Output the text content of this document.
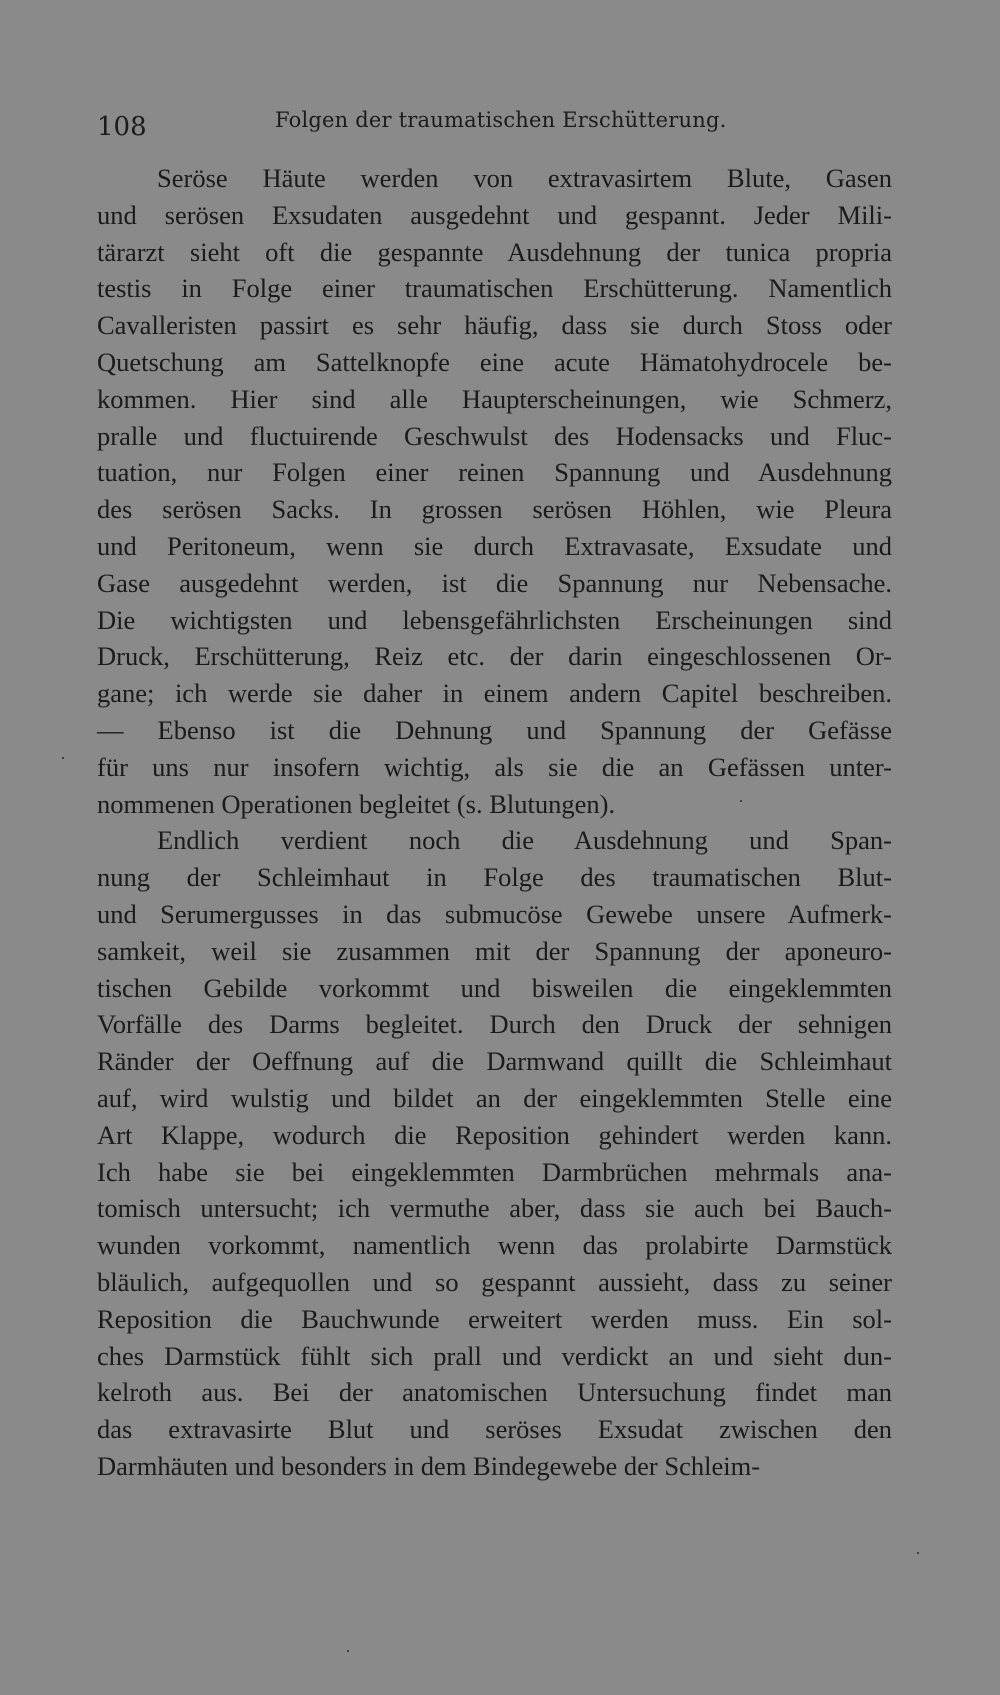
108	Folgen der traumatischen Erschütterung.
Seröse Häute werden von extravasirtem Blute, Gasen
und serösen Exsudaten ausgedehnt und gespannt. Jeder Mili-
tärarzt sieht oft die gespannte Ausdehnung der tunica propria
testis in Folge einer traumatischen Erschütterung. Namentlich
Cavalleristen passirt es sehr häufig, dass sie durch Stoss oder
Quetschung am Sattelknopfe eine acute Hämatohydrocele be-
kommen. Hier sind alle Haupterscheinungen, wie Schmerz,
pralle und fluctuirende Geschwulst des Hodensacks und Fluc-
tuation, nur Folgen einer reinen Spannung und Ausdehnung
des serösen Sacks. In grossen serösen Höhlen, wie Pleura
und Peritoneum, wenn sie durch Extravasate, Exsudate und
Gase ausgedehnt werden, ist die Spannung nur Nebensache.
Die wichtigsten und lebensgefährlichsten Erscheinungen sind
Druck, Erschütterung, Reiz etc. der darin eingeschlossenen Or-
gane; ich werde sie daher in einem andern Capitel beschreiben.
— Ebenso ist die Dehnung und Spannung der Gefässe
für uns nur insofern wichtig, als sie die an Gefässen unter-
nommenen Operationen begleitet (s. Blutungen).
Endlich verdient noch die Ausdehnung und Span-
nung der Schleimhaut in Folge des traumatischen Blut-
und Serumergusses in das submucöse Gewebe unsere Aufmerk-
samkeit, weil sie zusammen mit der Spannung der aponeuro-
tischen Gebilde vorkommt und bisweilen die eingeklemmten
Vorfälle des Darms begleitet. Durch den Druck der sehnigen
Ränder der Oeffnung auf die Darmwand quillt die Schleimhaut
auf, wird wulstig und bildet an der eingeklemmten Stelle eine
Art Klappe, wodurch die Reposition gehindert werden kann.
Ich habe sie bei eingeklemmten Darmbrüchen mehrmals ana-
tomisch untersucht; ich vermuthe aber, dass sie auch bei Bauch-
wunden vorkommt, namentlich wenn das prolabirte Darmstück
bläulich, aufgequollen und so gespannt aussieht, dass zu seiner
Reposition die Bauchwunde erweitert werden muss. Ein sol-
ches Darmstück fühlt sich prall und verdickt an und sieht dun-
kelroth aus. Bei der anatomischen Untersuchung findet man
das extravasirte Blut und seröses Exsudat zwischen den
Darmhäuten und besonders in dem Bindegewebe der Schleim-
